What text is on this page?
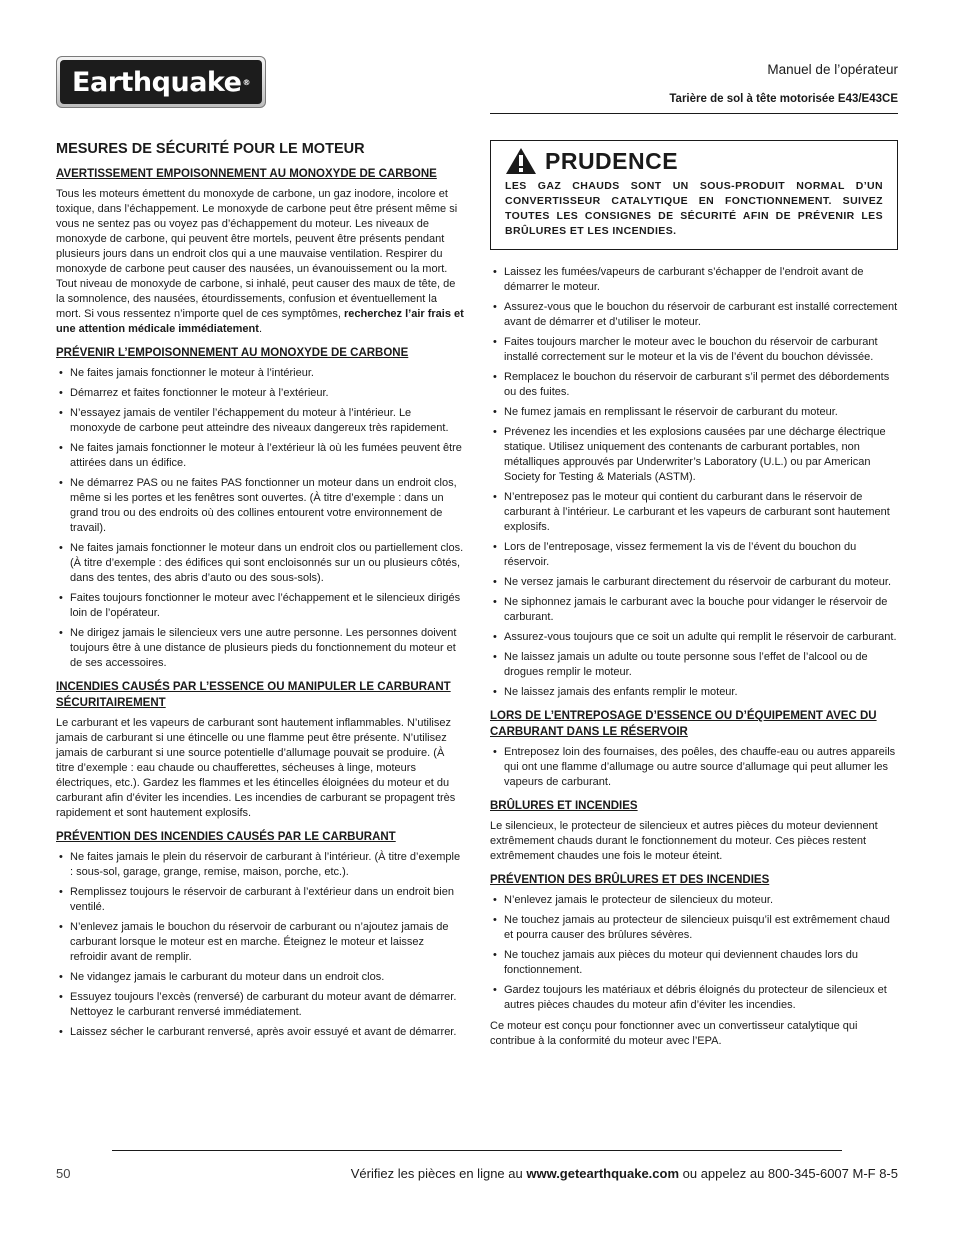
Earthquake ®
Manuel de l’opérateur
Tarière de sol à tête motorisée E43/E43CE
MESURES DE SÉCURITÉ POUR LE MOTEUR
AVERTISSEMENT EMPOISONNEMENT AU MONOXYDE DE CARBONE

Tous les moteurs émettent du monoxyde de carbone, un gaz inodore, incolore et toxique, dans l’échappement. Le monoxyde de carbone peut être présent même si vous ne sentez pas ou voyez pas d’échappement du moteur. Les niveaux de monoxyde de carbone, qui peuvent être mortels, peuvent être présents pendant plusieurs jours dans un endroit clos qui a une mauvaise ventilation. Respirer du monoxyde de carbone peut causer des nausées, un évanouissement ou la mort. Tout niveau de monoxyde de carbone, si inhalé, peut causer des maux de tête, de la somnolence, des nausées, étourdissements, confusion et éventuellement la mort. Si vous ressentez n’importe quel de ces symptômes, recherchez l’air frais et une attention médicale immédiatement.

PRÉVENIR L’EMPOISONNEMENT AU MONOXYDE DE CARBONE
• Ne faites jamais fonctionner le moteur à l’intérieur.
• Démarrez et faites fonctionner le moteur à l’extérieur.
• N’essayez jamais de ventiler l’échappement du moteur à l’intérieur. Le monoxyde de carbone peut atteindre des niveaux dangereux très rapidement.
• Ne faites jamais fonctionner le moteur à l’extérieur là où les fumées peuvent être attirées dans un édifice.
• Ne démarrez PAS ou ne faites PAS fonctionner un moteur dans un endroit clos, même si les portes et les fenêtres sont ouvertes. (À titre d’exemple : dans un grand trou ou des endroits où des collines entourent votre environnement de travail).
• Ne faites jamais fonctionner le moteur dans un endroit clos ou partiellement clos. (À titre d’exemple : des édifices qui sont encloisonnés sur un ou plusieurs côtés, dans des tentes, des abris d’auto ou des sous-sols).
• Faites toujours fonctionner le moteur avec l’échappement et le silencieux dirigés loin de l’opérateur.
• Ne dirigez jamais le silencieux vers une autre personne. Les personnes doivent toujours être à une distance de plusieurs pieds du fonctionnement du moteur et de ses accessoires.
INCENDIES CAUSÉS PAR L’ESSENCE OU MANIPULER LE CARBURANT SÉCURITAIREMENT

Le carburant et les vapeurs de carburant sont hautement inflammables. N’utilisez jamais de carburant si une étincelle ou une flamme peut être présente. N’utilisez jamais de carburant si une source potentielle d’allumage pouvait se produire. (À titre d’exemple : eau chaude ou chaufferettes, sécheuses à linge, moteurs électriques, etc.). Gardez les flammes et les étincelles éloignées du moteur et du carburant afin d’éviter les incendies. Les incendies de carburant se propagent très rapidement et sont hautement explosifs.

PRÉVENTION DES INCENDIES CAUSÉS PAR LE CARBURANT
• Ne faites jamais le plein du réservoir de carburant à l’intérieur. (À titre d’exemple : sous-sol, garage, grange, remise, maison, porche, etc.).
• Remplissez toujours le réservoir de carburant à l’extérieur dans un endroit bien ventilé.
• N’enlevez jamais le bouchon du réservoir de carburant ou n’ajoutez jamais de carburant lorsque le moteur est en marche. Éteignez le moteur et laissez refroidir avant de remplir.
• Ne vidangez jamais le carburant du moteur dans un endroit clos.
• Essuyez toujours l’excès (renversé) de carburant du moteur avant de démarrer. Nettoyez le carburant renversé immédiatement.
• Laissez sécher le carburant renversé, après avoir essuyé et avant de démarrer.
PRUDENCE
LES GAZ CHAUDS SONT UN SOUS-PRODUIT NORMAL D’UN CONVERTISSEUR CATALYTIQUE EN FONCTIONNEMENT. SUIVEZ TOUTES LES CONSIGNES DE SÉCURITÉ AFIN DE PRÉVENIR LES BRÛLURES ET LES INCENDIES.
• Laissez les fumées/vapeurs de carburant s’échapper de l’endroit avant de démarrer le moteur.
• Assurez-vous que le bouchon du réservoir de carburant est installé correctement avant de démarrer et d’utiliser le moteur.
• Faites toujours marcher le moteur avec le bouchon du réservoir de carburant installé correctement sur le moteur et la vis de l’évent du bouchon dévissée.
• Remplacez le bouchon du réservoir de carburant s’il permet des débordements ou des fuites.
• Ne fumez jamais en remplissant le réservoir de carburant du moteur.
• Prévenez les incendies et les explosions causées par une décharge électrique statique. Utilisez uniquement des contenants de carburant portables, non métalliques approuvés par Underwriter’s Laboratory (U.L.) ou par American Society for Testing & Materials (ASTM).
• N’entreposez pas le moteur qui contient du carburant dans le réservoir de carburant à l’intérieur. Le carburant et les vapeurs de carburant sont hautement explosifs.
• Lors de l’entreposage, vissez fermement la vis de l’évent du bouchon du réservoir.
• Ne versez jamais le carburant directement du réservoir de carburant du moteur.
• Ne siphonnez jamais le carburant avec la bouche pour vidanger le réservoir de carburant.
• Assurez-vous toujours que ce soit un adulte qui remplit le réservoir de carburant.
• Ne laissez jamais un adulte ou toute personne sous l’effet de l’alcool ou de drogues remplir le moteur.
• Ne laissez jamais des enfants remplir le moteur.
LORS DE L’ENTREPOSAGE D’ESSENCE OU D’ÉQUIPEMENT AVEC DU CARBURANT DANS LE RÉSERVOIR
• Entreposez loin des fournaises, des poêles, des chauffe-eau ou autres appareils qui ont une flamme d’allumage ou autre source d’allumage qui peut allumer les vapeurs de carburant.
BRÛLURES ET INCENDIES

Le silencieux, le protecteur de silencieux et autres pièces du moteur deviennent extrêmement chauds durant le fonctionnement du moteur. Ces pièces restent extrêmement chaudes une fois le moteur éteint.

PRÉVENTION DES BRÛLURES ET DES INCENDIES
• N’enlevez jamais le protecteur de silencieux du moteur.
• Ne touchez jamais au protecteur de silencieux puisqu’il est extrêmement chaud et pourra causer des brûlures sévères.
• Ne touchez jamais aux pièces du moteur qui deviennent chaudes lors du fonctionnement.
• Gardez toujours les matériaux et débris éloignés du protecteur de silencieux et autres pièces chaudes du moteur afin d’éviter les incendies.

Ce moteur est conçu pour fonctionner avec un convertisseur catalytique qui contribue à la conformité du moteur avec l’EPA.

50	Vérifiez les pièces en ligne au www.getearthquake.com ou appelez au 800-345-6007 M-F 8-5
